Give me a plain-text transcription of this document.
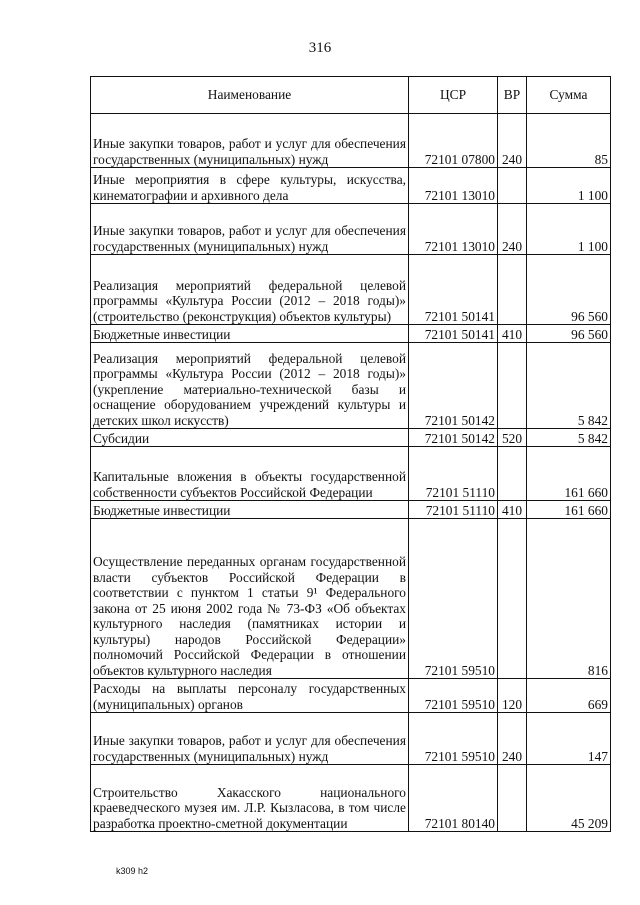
316
Наименование	ЦСР	ВР	Сумма
Иные закупки товаров, работ и услуг для обеспечения государственных (муниципальных) нужд	72101 07800	240	85
Иные мероприятия в сфере культуры, искусства, кинематографии и архивного дела	72101 13010		1 100
Иные закупки товаров, работ и услуг для обеспечения государственных (муниципальных) нужд	72101 13010	240	1 100
Реализация мероприятий федеральной целевой программы «Культура России (2012 – 2018 годы)» (строительство (реконструкция) объектов культуры)	72101 50141		96 560
Бюджетные инвестиции	72101 50141	410	96 560
Реализация мероприятий федеральной целевой программы «Культура России (2012 – 2018 годы)» (укрепление материально-технической базы и оснащение оборудованием учреждений культуры и детских школ искусств)	72101 50142		5 842
Субсидии	72101 50142	520	5 842
Капитальные вложения в объекты государственной собственности субъектов Российской Федерации	72101 51110		161 660
Бюджетные инвестиции	72101 51110	410	161 660
Осуществление переданных органам государственной власти субъектов Российской Федерации в соответствии с пунктом 1 статьи 9¹ Федерального закона от 25 июня 2002 года № 73-ФЗ «Об объектах культурного наследия (памятниках истории и культуры) народов Российской Федерации» полномочий Российской Федерации в отношении объектов культурного наследия	72101 59510		816
Расходы на выплаты персоналу государственных (муниципальных) органов	72101 59510	120	669
Иные закупки товаров, работ и услуг для обеспечения государственных (муниципальных) нужд	72101 59510	240	147
Строительство Хакасского национального краеведческого музея им. Л.Р. Кызласова, в том числе разработка проектно-сметной документации	72101 80140		45 209
k309 h2
